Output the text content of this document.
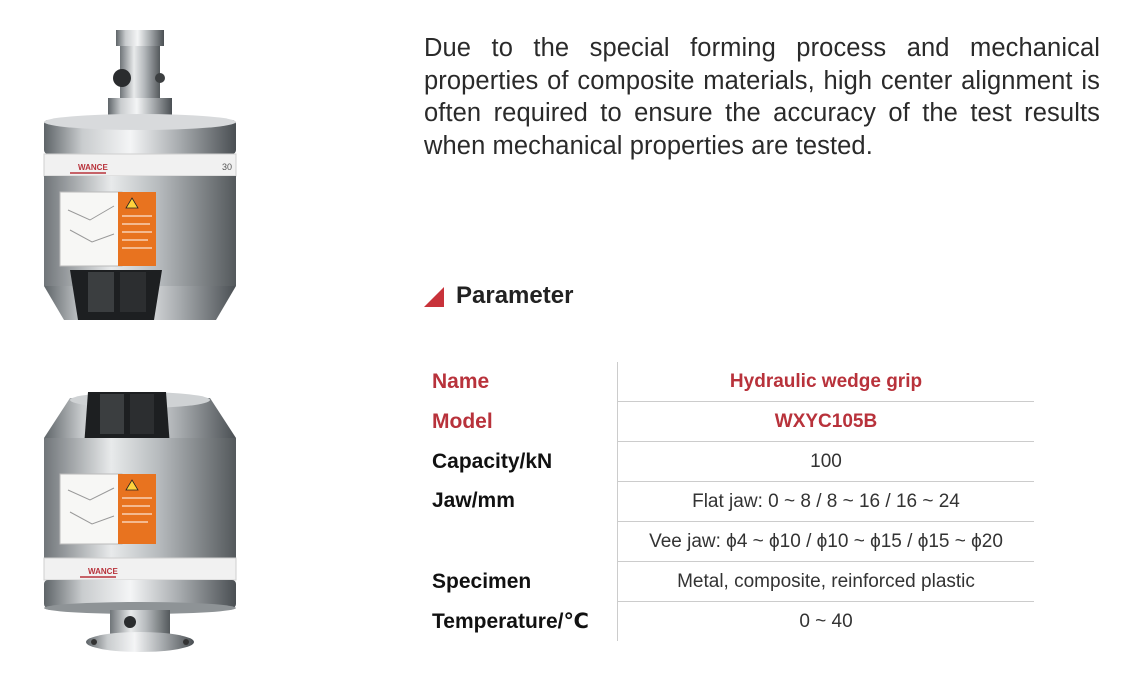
WANCE	30
WANCE

Due to the special forming process and mechanical properties of composite materials, high center alignment is often required to ensure the accuracy of the test results when mechanical properties are tested.

Parameter
Name	Hydraulic wedge grip
Model	WXYC105B
Capacity/kN	100
Jaw/mm	Flat jaw: 0 ~ 8 / 8 ~ 16 / 16 ~ 24
	Vee jaw: ϕ4 ~ ϕ10 / ϕ10 ~ ϕ15 / ϕ15 ~ ϕ20
Specimen	Metal, composite, reinforced plastic
Temperature/℃	0 ~ 40
